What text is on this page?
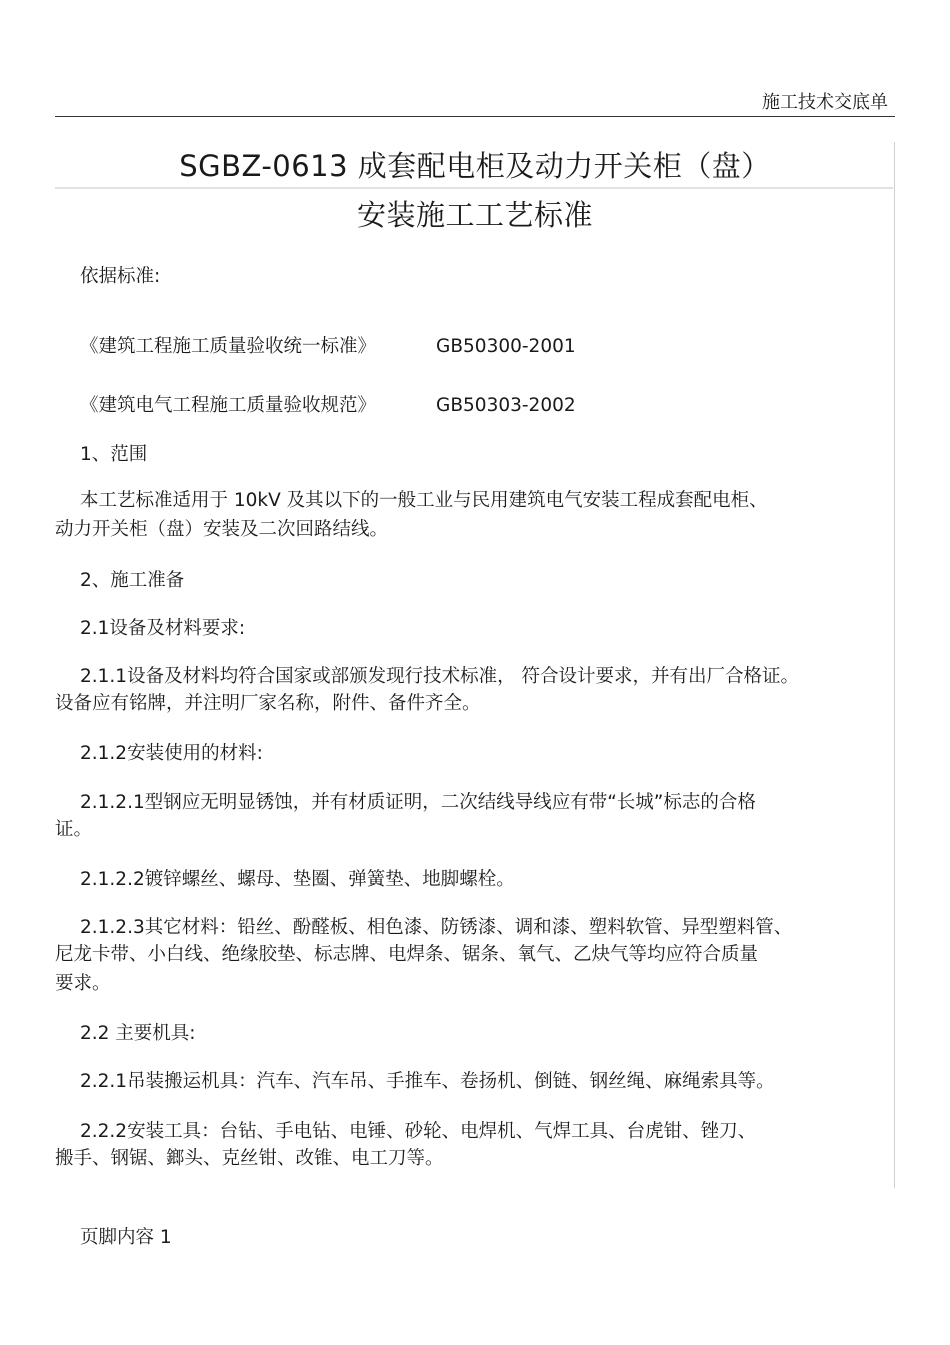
施工技术交底单
SGBZ-0613 成套配电柜及动力开关柜（盘）
安装施工工艺标准
依据标准:
《建筑工程施工质量验收统一标准》	GB50300-2001
《建筑电气工程施工质量验收规范》	GB50303-2002
1、范围
本工艺标准适用于 10kV 及其以下的一般工业与民用建筑电气安装工程成套配电柜、
动力开关柜（盘）安装及二次回路结线。
2、施工准备
2.1设备及材料要求:
2.1.1设备及材料均符合国家或部颁发现行技术标准， 符合设计要求，并有出厂合格证。
设备应有铭牌，并注明厂家名称，附件、备件齐全。
2.1.2安装使用的材料:
2.1.2.1型钢应无明显锈蚀，并有材质证明，二次结线导线应有带“长城”标志的合格
证。
2.1.2.2镀锌螺丝、螺母、垫圈、弹簧垫、地脚螺栓。
2.1.2.3其它材料：铅丝、酚醛板、相色漆、防锈漆、调和漆、塑料软管、异型塑料管、
尼龙卡带、小白线、绝缘胶垫、标志牌、电焊条、锯条、氧气、乙炔气等均应符合质量
要求。
2.2 主要机具:
2.2.1吊装搬运机具：汽车、汽车吊、手推车、卷扬机、倒链、钢丝绳、麻绳索具等。
2.2.2安装工具：台钻、手电钻、电锤、砂轮、电焊机、气焊工具、台虎钳、锉刀、
搬手、钢锯、鎯头、克丝钳、改锥、电工刀等。
页脚内容 1
